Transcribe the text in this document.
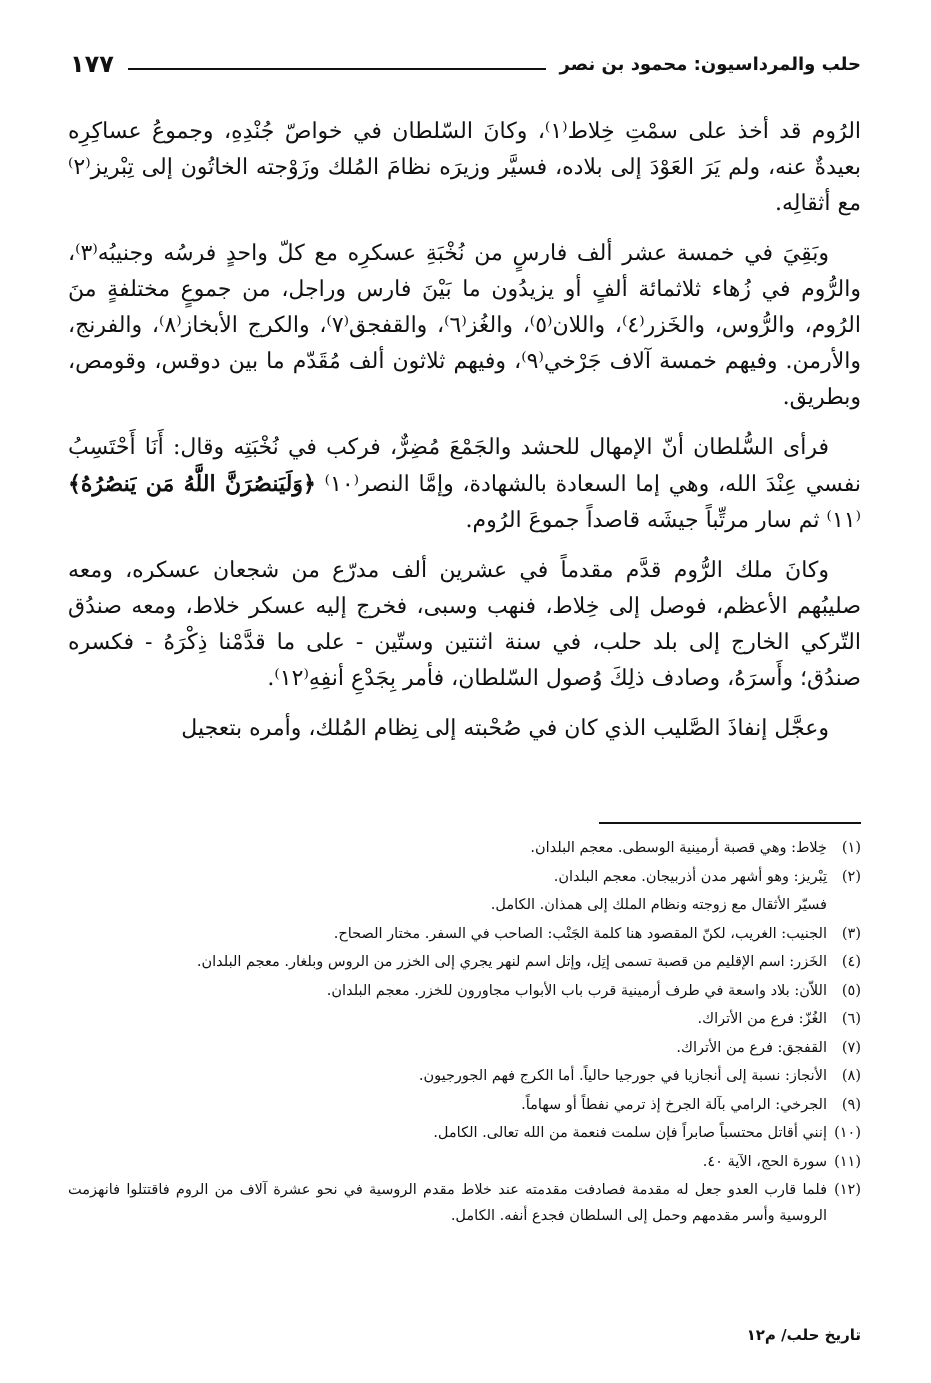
حلب والمرداسيون: محمود بن نصر
١٧٧

الرُوم قد أخذ على سمْتِ خِلاط⁽١⁾، وكانَ السّلطان في خواصّ جُنْدِهِ، وجموعُ عساكِرِه بعيدةٌ عنه، ولم يَرَ العَوْدَ إلى بلاده، فسيَّر وزيرَه نظامَ المُلك وزَوْجته الخاتُون إلى تِبْريز⁽٢⁾ مع أثقالِه.

وبَقِيَ في خمسة عشر ألف فارسٍ من نُخْبَةِ عسكرِه مع كلّ واحدٍ فرسُه وجنيبُه⁽٣⁾، والرُّوم في زُهاء ثلاثمائة ألفٍ أو يزيدُون ما بَيْنَ فارس وراجل، من جموعٍ مختلفةٍ منَ الرُوم، والرُّوس، والخَزر⁽٤⁾، واللان⁽٥⁾، والغُز⁽٦⁾، والقفجق⁽٧⁾، والكرج الأبخاز⁽٨⁾، والفرنج، والأرمن. وفيهم خمسة آلاف جَرْخي⁽٩⁾، وفيهم ثلاثون ألف مُقَدّم ما بين دوقس، وقومص، وبطريق.

فرأى السُّلطان أنّ الإمهال للحشد والجَمْعَ مُضِرٌّ، فركب في نُخْبَتِه وقال: أَنَا أَحْتَسِبُ نفسي عِنْدَ الله، وهي إما السعادة بالشهادة، وإمَّا النصر⁽١٠⁾ ﴿وَلَيَنصُرَنَّ اللَّهُ مَن يَنصُرُهُ﴾⁽١١⁾ ثم سار مرتِّباً جيشَه قاصداً جموعَ الرُوم.

وكانَ ملك الرُّوم قدَّم مقدماً في عشرين ألف مدرّع من شجعان عسكره، ومعه صليبُهم الأعظم، فوصل إلى خِلاط، فنهب وسبى، فخرج إليه عسكر خلاط، ومعه صندُق التّركي الخارج إلى بلد حلب، في سنة اثنتين وستّين - على ما قدَّمْنا ذِكْرَهُ - فكسره صندُق؛ وأَسرَهُ، وصادف ذلِكَ وُصول السّلطان، فأمر بِجَدْعِ أنفِهِ⁽١٢⁾.

وعجَّل إنفاذَ الصَّليب الذي كان في صُحْبته إلى نِظام المُلك، وأمره بتعجيل

(١)خِلاط: وهي قصبة أرمينية الوسطى. معجم البلدان.
(٢)تِبْريز: وهو أشهر مدن أذربيجان. معجم البلدان.
فسيّر الأثقال مع زوجته ونظام الملك إلى همذان. الكامل.
(٣)الجنيب: الغريب، لكنّ المقصود هنا كلمة الجَنْب: الصاحب في السفر. مختار الصحاح.
(٤)الخَزر: اسم الإقليم من قصبة تسمى إتِل، وإتل اسم لنهر يجري إلى الخزر من الروس وبلغار. معجم البلدان.
(٥)اللاّن: بلاد واسعة في طرف أرمينية قرب باب الأبواب مجاورون للخزر. معجم البلدان.
(٦)الغُزّ: فرع من الأتراك.
(٧)القفجق: فرع من الأتراك.
(٨)الأنجاز: نسبة إلى أنجازيا في جورجيا حالياً. أما الكرج فهم الجورجيون.
(٩)الجرخي: الرامي بآلة الجرخ إذ ترمي نفطاً أو سهاماً.
(١٠)إنني أقاتل محتسباً صابراً فإن سلمت فنعمة من الله تعالى. الكامل.
(١١)سورة الحج، الآية ٤٠.
(١٢)فلما قارب العدو جعل له مقدمة فصادفت مقدمته عند خلاط مقدم الروسية في نحو عشرة آلاف من الروم فاقتتلوا فانهزمت الروسية وأسر مقدمهم وحمل إلى السلطان فجدع أنفه. الكامل.
تاريخ حلب/ م١٢
